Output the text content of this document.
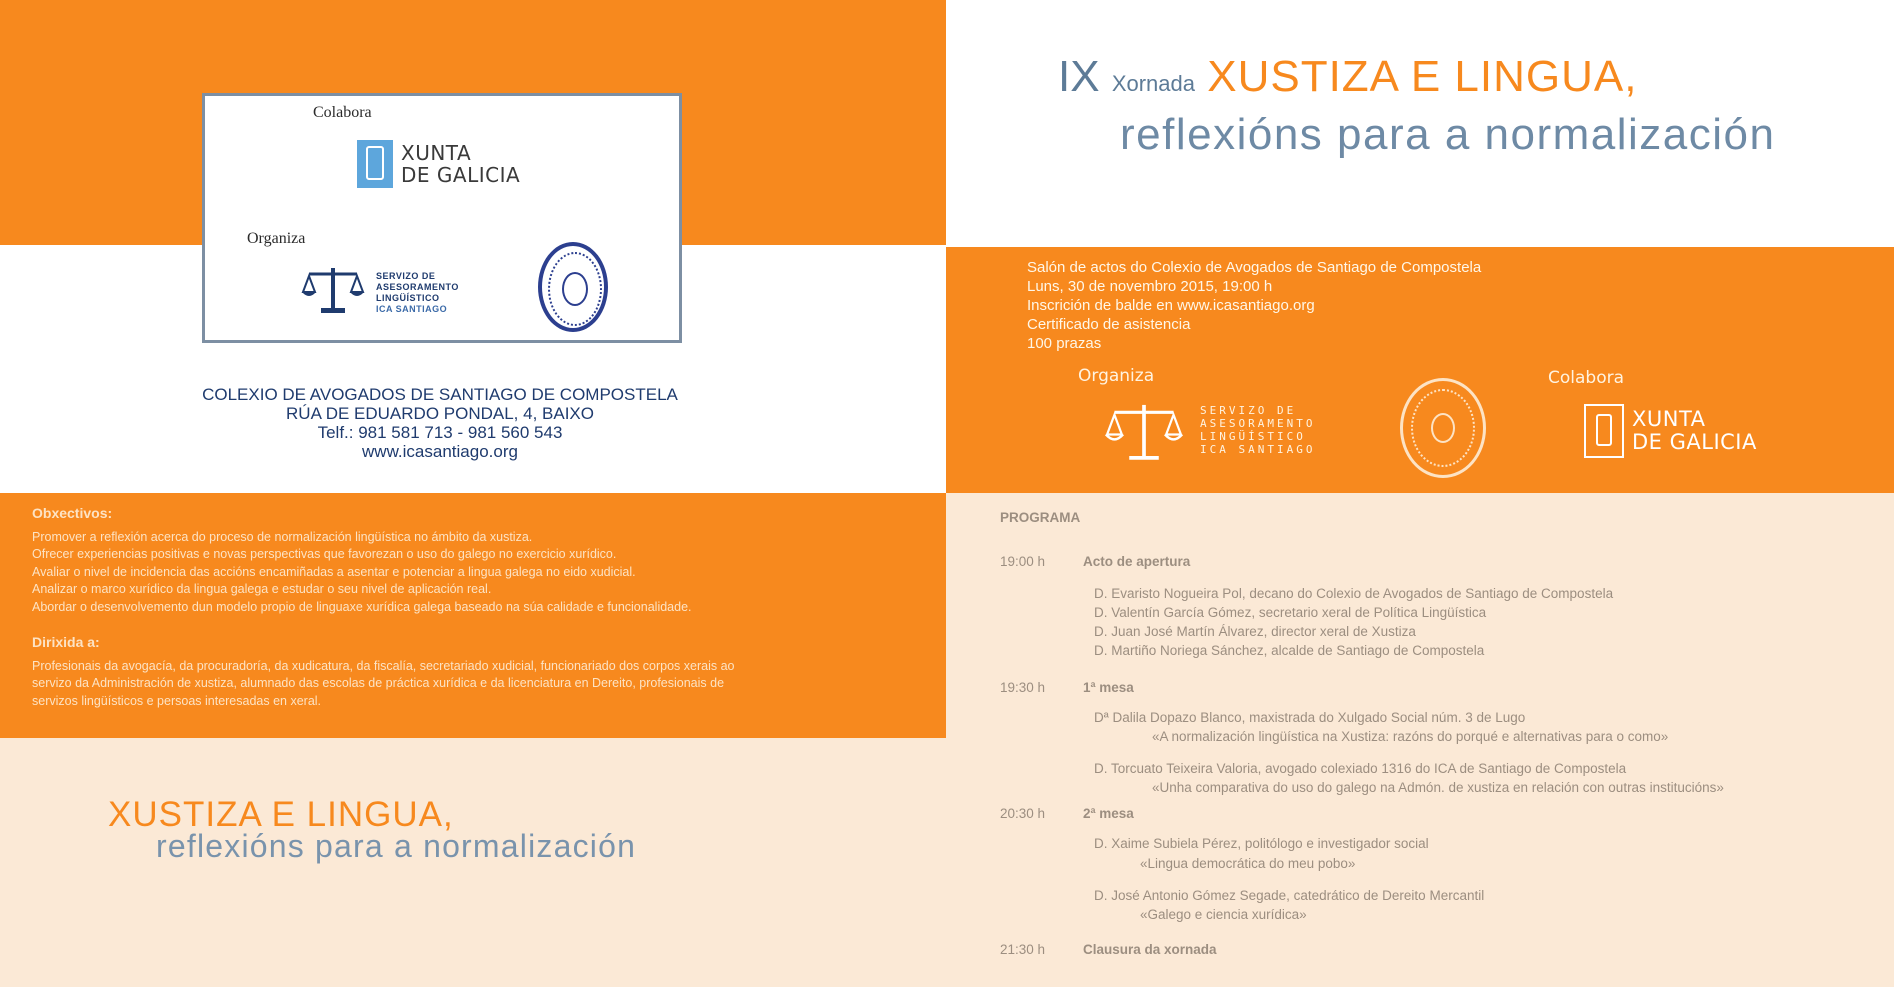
Colabora
XUNTA
DE GALICIA
Organiza
SERVIZO DE
ASESORAMENTO
LINGÜÍSTICO
ICA SANTIAGO
COLEXIO DE AVOGADOS DE SANTIAGO DE COMPOSTELA
RÚA DE EDUARDO PONDAL, 4, BAIXO
Telf.: 981 581 713 - 981 560 543
www.icasantiago.org
IX Xornada XUSTIZA E LINGUA,
reflexións para a normalización
Salón de actos do Colexio de Avogados de Santiago de Compostela
Luns, 30 de novembro 2015, 19:00 h
Inscrición de balde en www.icasantiago.org
Certificado de asistencia
100 prazas
Organiza
SERVIZO DE
ASESORAMENTO
LINGÜÍSTICO
ICA SANTIAGO
Colabora
XUNTA
DE GALICIA
Obxectivos:
Promover a reflexión acerca do proceso de normalización lingüística no ámbito da xustiza.
Ofrecer experiencias positivas e novas perspectivas que favorezan o uso do galego no exercicio xurídico.
Avaliar o nivel de incidencia das accións encamiñadas a asentar e potenciar a lingua galega no eido xudicial.
Analizar o marco xurídico da lingua galega e estudar o seu nivel de aplicación real.
Abordar o desenvolvemento dun modelo propio de linguaxe xurídica galega baseado na súa calidade e funcionalidade.
Dirixida a:
Profesionais da avogacía, da procuradoría, da xudicatura, da fiscalía, secretariado xudicial, funcionariado dos corpos xerais ao
servizo da Administración de xustiza, alumnado das escolas de práctica xurídica e da licenciatura en Dereito, profesionais de
servizos lingüísticos e persoas interesadas en xeral.
XUSTIZA E LINGUA,
reflexións para a normalización
PROGRAMA
19:00 h	Acto de apertura
D. Evaristo Nogueira Pol, decano do Colexio de Avogados de Santiago de Compostela
D. Valentín García Gómez, secretario xeral de Política Lingüística
D. Juan José Martín Álvarez, director xeral de Xustiza
D. Martiño Noriega Sánchez, alcalde de Santiago de Compostela
19:30 h	1ª mesa
Dª Dalila Dopazo Blanco, maxistrada do Xulgado Social núm. 3 de Lugo
«A normalización lingüística na Xustiza: razóns do porqué e alternativas para o como»
D. Torcuato Teixeira Valoria, avogado colexiado 1316 do ICA de Santiago de Compostela
«Unha comparativa do uso do galego na Admón. de xustiza en relación con outras institucións»
20:30 h	2ª mesa
D. Xaime Subiela Pérez, politólogo e investigador social
«Lingua democrática do meu pobo»
D. José Antonio Gómez Segade, catedrático de Dereito Mercantil
«Galego e ciencia xurídica»
21:30 h	Clausura da xornada
